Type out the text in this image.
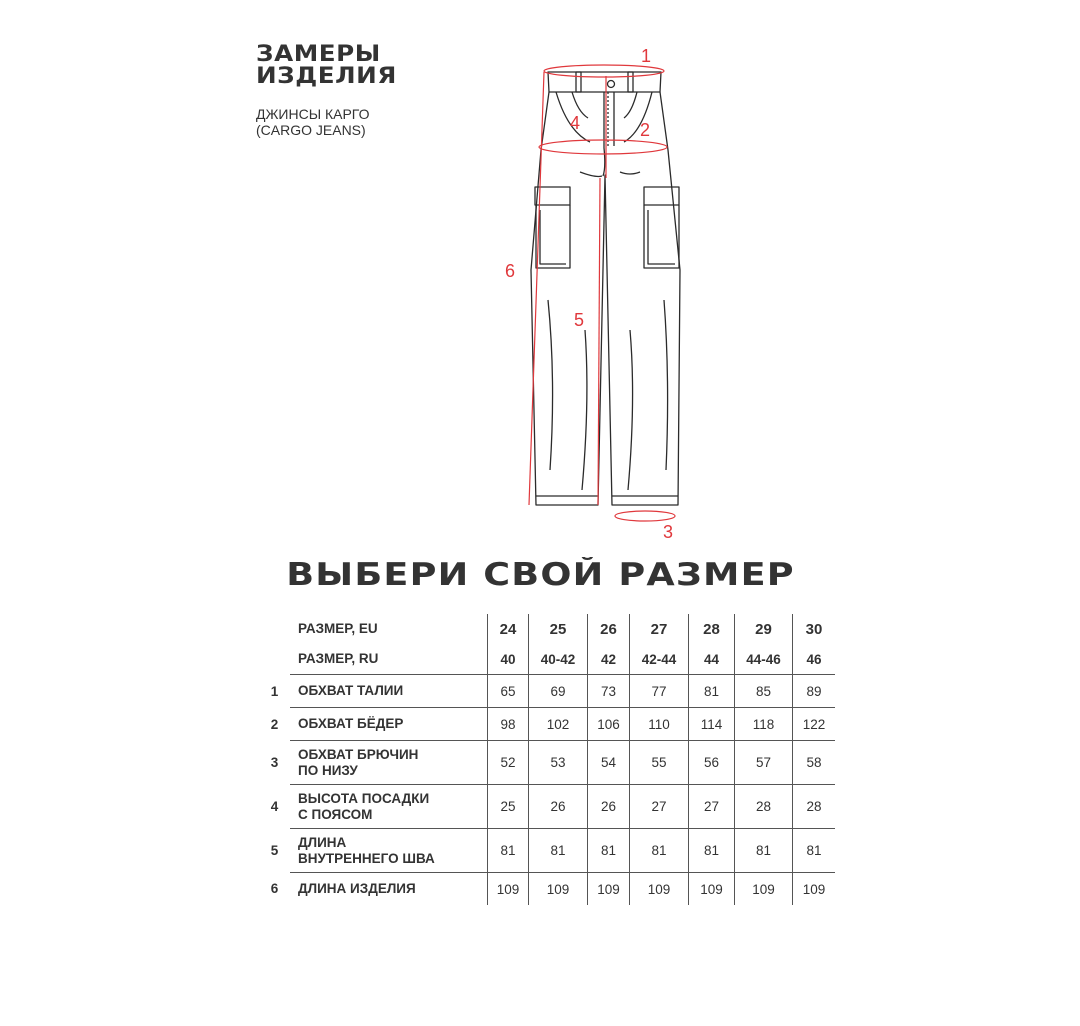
ЗАМЕРЫ
ИЗДЕЛИЯ
ДЖИНСЫ КАРГО
(CARGO JEANS)
1
2
3
4
5
6
ВЫБЕРИ СВОЙ РАЗМЕР
	РАЗМЕР, EU	24	25	26	27	28	29	30
	РАЗМЕР, RU	40	40-42	42	42-44	44	44-46	46
1	ОБХВАТ ТАЛИИ	65	69	73	77	81	85	89
2	ОБХВАТ БЁДЕР	98	102	106	110	114	118	122
3	ОБХВАТ БРЮЧИН
ПО НИЗУ	52	53	54	55	56	57	58
4	ВЫСОТА ПОСАДКИ
С ПОЯСОМ	25	26	26	27	27	28	28
5	ДЛИНА
ВНУТРЕННЕГО ШВА	81	81	81	81	81	81	81
6	ДЛИНА ИЗДЕЛИЯ	109	109	109	109	109	109	109
